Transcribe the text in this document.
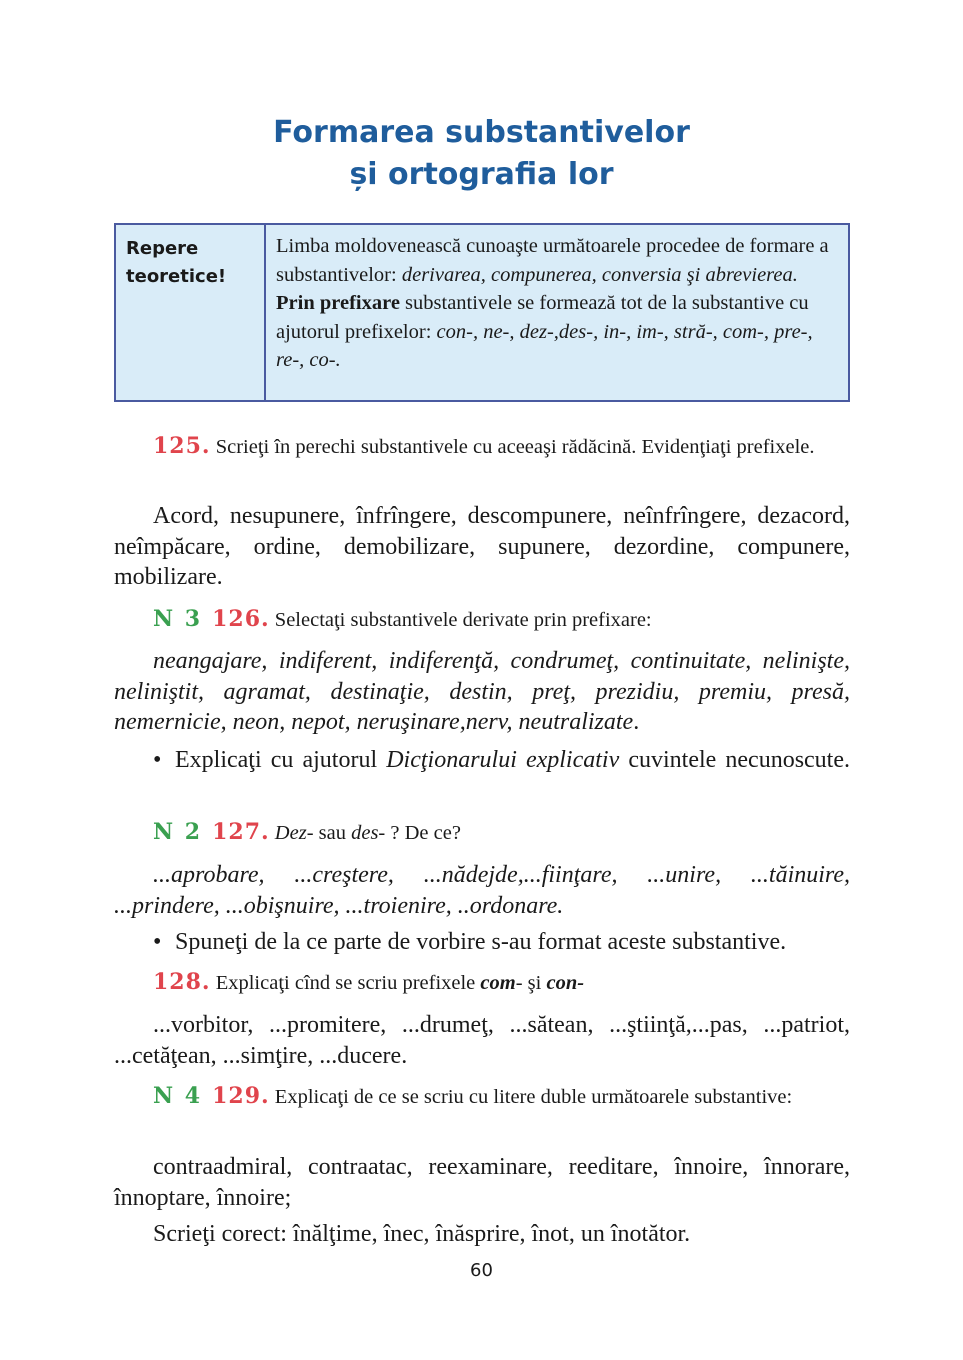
Formarea substantivelor
și ortografia lor
Repere
teoretice!
Limba moldovenească cunoaşte următoarele procedee de formare a substantivelor: derivarea, compunerea, conversia şi abrevierea.
Prin prefixare substantivele se formează tot de la substantive cu ajutorul prefixelor: con-, ne-, dez-,des-, in-, im-, stră-, com-, pre-, re-, co-.
125. Scrieţi în perechi substantivele cu aceeaşi rădăcină. Evidenţiaţi prefixele.
Acord, nesupunere, înfrîngere, descompunere, neînfrîngere, dezacord, neîmpăcare, ordine, demobilizare, supunere, dezordine, compunere, mobilizare.
N 3 126. Selectaţi substantivele derivate prin prefixare:
neangajare, indiferent, indiferenţă, condrumeţ, continuitate, nelinişte, neliniştit, agramat, destinaţie, destin, preţ, prezidiu, premiu, presă, nemernicie, neon, nepot, neruşinare,nerv, neutralizate.
• Explicaţi cu ajutorul Dicţionarului explicativ cuvintele necunoscute.
N 2 127. Dez- sau des- ? De ce?
...aprobare, ...creştere, ...nădejde,...fiinţare, ...unire, ...tăinuire, ...prindere, ...obişnuire, ...troienire, ..ordonare.
• Spuneţi de la ce parte de vorbire s-au format aceste substantive.
128. Explicaţi cînd se scriu prefixele com- şi con-
...vorbitor, ...promitere, ...drumeţ, ...sătean, ...ştiinţă,...pas, ...patriot, ...cetăţean, ...simţire, ...ducere.
N 4 129. Explicaţi de ce se scriu cu litere duble următoarele substantive:
contraadmiral, contraatac, reexaminare, reeditare, înnoire, înnorare, înnoptare, înnoire;
Scrieţi corect: înălţime, înec, înăsprire, înot, un înotător.
60
